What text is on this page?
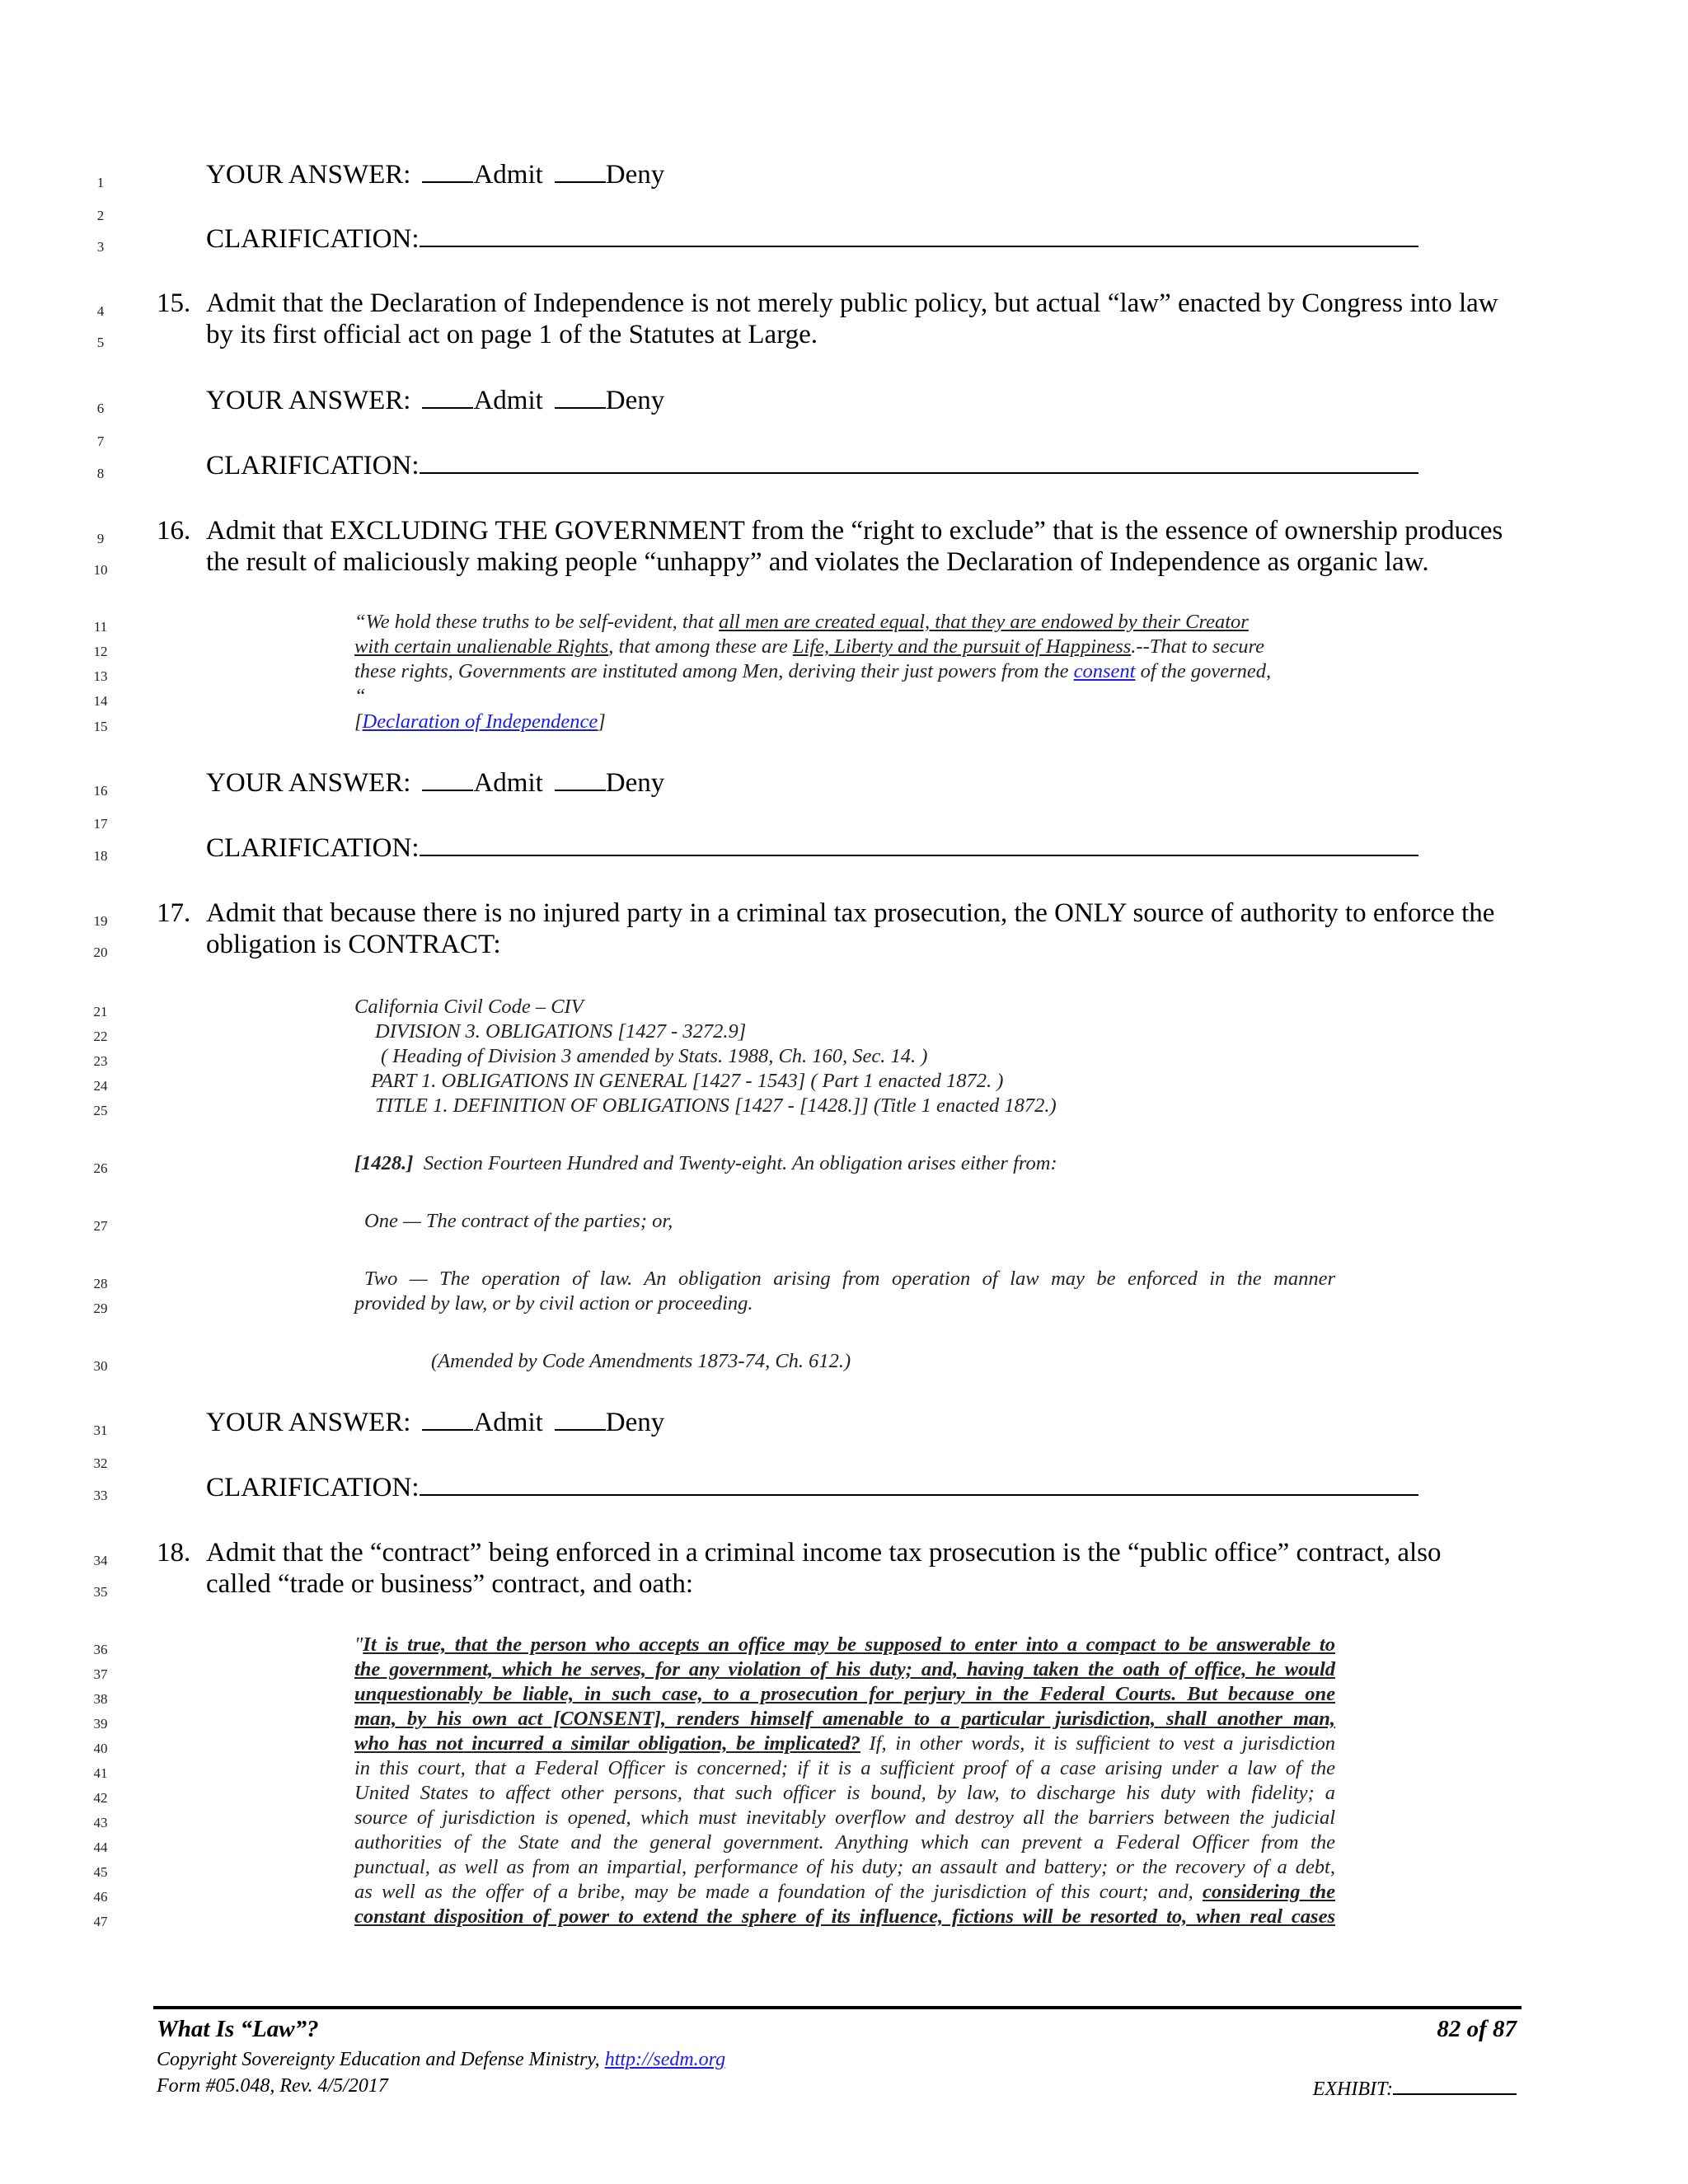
1
2
3
4
5
6
7
8
9
10
11
12
13
14
15
16
17
18
19
20
21
22
23
24
25
26
27
28
29
30
31
32
33
34
35
36
37
38
39
40
41
42
43
44
45
46
47
YOUR ANSWER: Admit Deny
CLARIFICATION:
15. Admit that the Declaration of Independence is not merely public policy, but actual “law” enacted by Congress into law
by its first official act on page 1 of the Statutes at Large.
YOUR ANSWER: Admit Deny
CLARIFICATION:
16. Admit that EXCLUDING THE GOVERNMENT from the “right to exclude” that is the essence of ownership produces
the result of maliciously making people “unhappy” and violates the Declaration of Independence as organic law.
“We hold these truths to be self-evident, that all men are created equal, that they are endowed by their Creator
with certain unalienable Rights, that among these are Life, Liberty and the pursuit of Happiness.--That to secure
these rights, Governments are instituted among Men, deriving their just powers from the consent of the governed,
“
[Declaration of Independence]
YOUR ANSWER: Admit Deny
CLARIFICATION:
17. Admit that because there is no injured party in a criminal tax prosecution, the ONLY source of authority to enforce the
obligation is CONTRACT:
California Civil Code – CIV
DIVISION 3. OBLIGATIONS [1427 - 3272.9]
( Heading of Division 3 amended by Stats. 1988, Ch. 160, Sec. 14. )
PART 1. OBLIGATIONS IN GENERAL [1427 - 1543] ( Part 1 enacted 1872. )
TITLE 1. DEFINITION OF OBLIGATIONS [1427 - [1428.]] (Title 1 enacted 1872.)
[1428.] Section Fourteen Hundred and Twenty-eight. An obligation arises either from:
One — The contract of the parties; or,
Two — The operation of law. An obligation arising from operation of law may be enforced in the manner
provided by law, or by civil action or proceeding.
(Amended by Code Amendments 1873-74, Ch. 612.)
YOUR ANSWER: Admit Deny
CLARIFICATION:
18. Admit that the “contract” being enforced in a criminal income tax prosecution is the “public office” contract, also
called “trade or business” contract, and oath:
"It is true, that the person who accepts an office may be supposed to enter into a compact to be answerable to
the government, which he serves, for any violation of his duty; and, having taken the oath of office, he would
unquestionably be liable, in such case, to a prosecution for perjury in the Federal Courts. But because one
man, by his own act [CONSENT], renders himself amenable to a particular jurisdiction, shall another man,
who has not incurred a similar obligation, be implicated? If, in other words, it is sufficient to vest a jurisdiction
in this court, that a Federal Officer is concerned; if it is a sufficient proof of a case arising under a law of the
United States to affect other persons, that such officer is bound, by law, to discharge his duty with fidelity; a
source of jurisdiction is opened, which must inevitably overflow and destroy all the barriers between the judicial
authorities of the State and the general government. Anything which can prevent a Federal Officer from the
punctual, as well as from an impartial, performance of his duty; an assault and battery; or the recovery of a debt,
as well as the offer of a bribe, may be made a foundation of the jurisdiction of this court; and, considering the
constant disposition of power to extend the sphere of its influence, fictions will be resorted to, when real cases
What Is “Law”?	82 of 87
Copyright Sovereignty Education and Defense Ministry, http://sedm.org
Form #05.048, Rev. 4/5/2017	EXHIBIT:
